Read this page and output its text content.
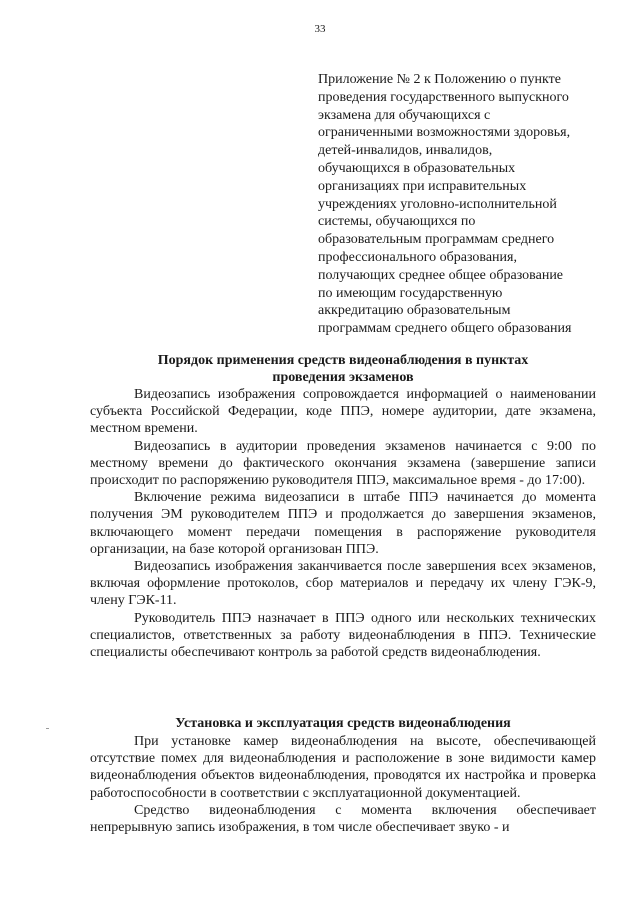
33
Приложение № 2 к Положению о пункте
проведения государственного выпускного
экзамена для обучающихся с
ограниченными возможностями здоровья,
детей-инвалидов, инвалидов,
обучающихся в образовательных
организациях при исправительных
учреждениях уголовно-исполнительной
системы, обучающихся по
образовательным программам среднего
профессионального образования,
получающих среднее общее образование
по имеющим государственную
аккредитацию образовательным
программам среднего общего образования
Порядок применения средств видеонаблюдения в пунктах
проведения экзаменов

Видеозапись изображения сопровождается информацией о наименовании субъекта Российской Федерации, коде ППЭ, номере аудитории, дате экзамена, местном времени.

Видеозапись в аудитории проведения экзаменов начинается с 9:00 по местному времени до фактического окончания экзамена (завершение записи происходит по распоряжению руководителя ППЭ, максимальное время - до 17:00).

Включение режима видеозаписи в штабе ППЭ начинается до момента получения ЭМ руководителем ППЭ и продолжается до завершения экзаменов, включающего момент передачи помещения в распоряжение руководителя организации, на базе которой организован ППЭ.

Видеозапись изображения заканчивается после завершения всех экзаменов, включая оформление протоколов, сбор материалов и передачу их члену ГЭК-9, члену ГЭК-11.

Руководитель ППЭ назначает в ППЭ одного или нескольких технических специалистов, ответственных за работу видеонаблюдения в ППЭ. Технические специалисты обеспечивают контроль за работой средств видеонаблюдения.

Установка и эксплуатация средств видеонаблюдения

При установке камер видеонаблюдения на высоте, обеспечивающей отсутствие помех для видеонаблюдения и расположение в зоне видимости камер видеонаблюдения объектов видеонаблюдения, проводятся их настройка и проверка работоспособности в соответствии с эксплуатационной документацией.

Средство видеонаблюдения с момента включения обеспечивает непрерывную запись изображения, в том числе обеспечивает звуко - и
